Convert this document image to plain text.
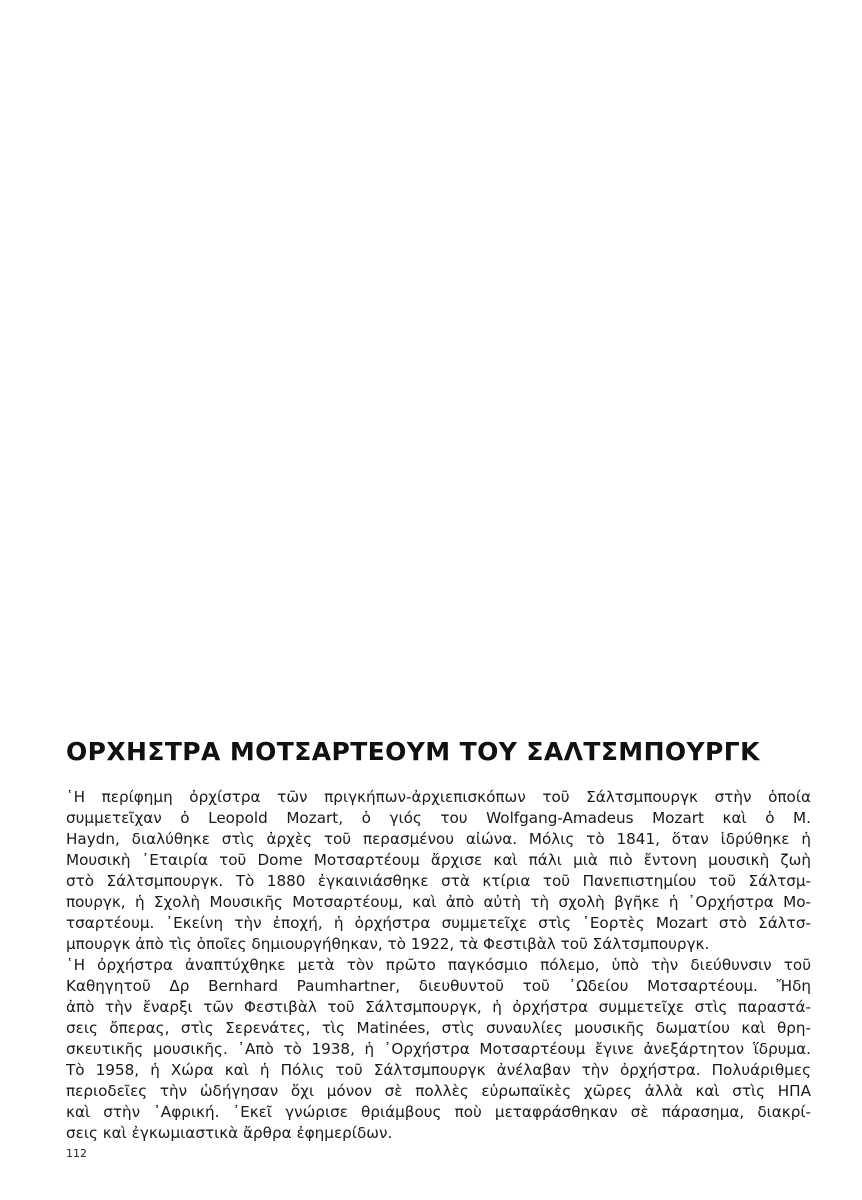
ΟΡΧΗΣΤΡΑ ΜΟΤΣΑΡΤΕΟΥΜ ΤΟΥ ΣΑΛΤΣΜΠΟΥΡΓΚ
῾Η περίφημη ὀρχίστρα τῶν πριγκήπων-ἀρχιεπισκόπων τοῦ Σάλτσμπουργκ στὴν ὁποία
συμμετεῖχαν ὁ Leopold Mozart, ὁ γιός του Wolfgang-Amadeus Mozart καὶ ὁ Μ.
Haydn, διαλύθηκε στὶς ἀρχὲς τοῦ περασμένου αἰώνα. Μόλις τὸ 1841, ὅταν ἱδρύθηκε ἡ
Μουσικὴ ᾿Εταιρία τοῦ Dome Μοτσαρτέουμ ἄρχισε καὶ πάλι μιὰ πιὸ ἔντονη μουσικὴ ζωὴ
στὸ Σάλτσμπουργκ. Τὸ 1880 ἐγκαινιάσθηκε στὰ κτίρια τοῦ Πανεπιστημίου τοῦ Σάλτσμ-
πουργκ, ἡ Σχολὴ Μουσικῆς Μοτσαρτέουμ, καὶ ἀπὸ αὐτὴ τὴ σχολὴ βγῆκε ἡ ᾿Ορχήστρα Μο-
τσαρτέουμ. ᾿Εκείνη τὴν ἐποχή, ἡ ὀρχήστρα συμμετεῖχε στὶς ῾Εορτὲς Mozart στὸ Σάλτσ-
μπουργκ ἀπὸ τὶς ὁποῖες δημιουργήθηκαν, τὸ 1922, τὰ Φεστιβὰλ τοῦ Σάλτσμπουργκ.
῾Η ὀρχήστρα ἀναπτύχθηκε μετὰ τὸν πρῶτο παγκόσμιο πόλεμο, ὑπὸ τὴν διεύθυνσιν τοῦ
Καθηγητοῦ Δρ Bernhard Paumhartner, διευθυντοῦ τοῦ ᾿Ωδείου Μοτσαρτέουμ. Ἤδη
ἀπὸ τὴν ἔναρξι τῶν Φεστιβὰλ τοῦ Σάλτσμπουργκ, ἡ ὀρχήστρα συμμετεῖχε στὶς παραστά-
σεις ὄπερας, στὶς Σερενάτες, τὶς Matinées, στὶς συναυλίες μουσικῆς δωματίου καὶ θρη-
σκευτικῆς μουσικῆς. ᾿Απὸ τὸ 1938, ἡ ᾿Ορχήστρα Μοτσαρτέουμ ἔγινε ἀνεξάρτητον ἵδρυμα.
Τὸ 1958, ἡ Χώρα καὶ ἡ Πόλις τοῦ Σάλτσμπουργκ ἀνέλαβαν τὴν ὀρχήστρα. Πολυάριθμες
περιοδεῖες τὴν ὡδήγησαν ὄχι μόνον σὲ πολλὲς εὐρωπαϊκὲς χῶρες ἀλλὰ καὶ στὶς ΗΠΑ
καὶ στὴν ᾿Αφρική. ᾿Εκεῖ γνώρισε θριάμβους ποὺ μεταφράσθηκαν σὲ πάρασημα, διακρί-
σεις καὶ ἐγκωμιαστικὰ ἄρθρα ἐφημερίδων.
112
